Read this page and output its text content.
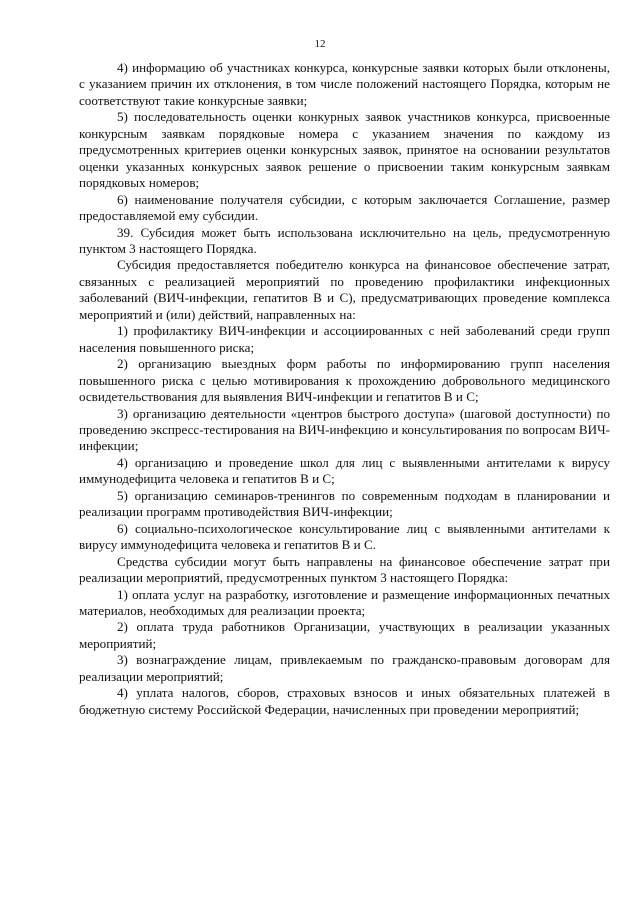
12

4) информацию об участниках конкурса, конкурсные заявки которых были отклонены, с указанием причин их отклонения, в том числе положений настоящего Порядка, которым не соответствуют такие конкурсные заявки;

5) последовательность оценки конкурных заявок участников конкурса, присвоенные конкурсным заявкам порядковые номера с указанием значения по каждому из предусмотренных критериев оценки конкурсных заявок, принятое на основании результатов оценки указанных конкурсных заявок решение о присвоении таким конкурсным заявкам порядковых номеров;

6) наименование получателя субсидии, с которым заключается Соглашение, размер предоставляемой ему субсидии.

39. Субсидия может быть использована исключительно на цель, предусмотренную пунктом 3 настоящего Порядка.

Субсидия предоставляется победителю конкурса на финансовое обеспечение затрат, связанных с реализацией мероприятий по проведению профилактики инфекционных заболеваний (ВИЧ-инфекции, гепатитов В и С), предусматривающих проведение комплекса мероприятий и (или) действий, направленных на:

1) профилактику ВИЧ-инфекции и ассоциированных с ней заболеваний среди групп населения повышенного риска;

2) организацию выездных форм работы по информированию групп населения повышенного риска с целью мотивирования к прохождению добровольного медицинского освидетельствования для выявления ВИЧ-инфекции и гепатитов В и С;

3) организацию деятельности «центров быстрого доступа» (шаговой доступности) по проведению экспресс-тестирования на ВИЧ-инфекцию и консультирования по вопросам ВИЧ-инфекции;

4) организацию и проведение школ для лиц с выявленными антителами к вирусу иммунодефицита человека и гепатитов В и С;

5) организацию семинаров-тренингов по современным подходам в планировании и реализации программ противодействия ВИЧ-инфекции;

6) социально-психологическое консультирование лиц с выявленными антителами к вирусу иммунодефицита человека и гепатитов В и С.

Средства субсидии могут быть направлены на финансовое обеспечение затрат при реализации мероприятий, предусмотренных пунктом 3 настоящего Порядка:

1) оплата услуг на разработку, изготовление и размещение информационных печатных материалов, необходимых для реализации проекта;

2) оплата труда работников Организации, участвующих в реализации указанных мероприятий;

3) вознаграждение лицам, привлекаемым по гражданско-правовым договорам для реализации мероприятий;

4) уплата налогов, сборов, страховых взносов и иных обязательных платежей в бюджетную систему Российской Федерации, начисленных при проведении мероприятий;
